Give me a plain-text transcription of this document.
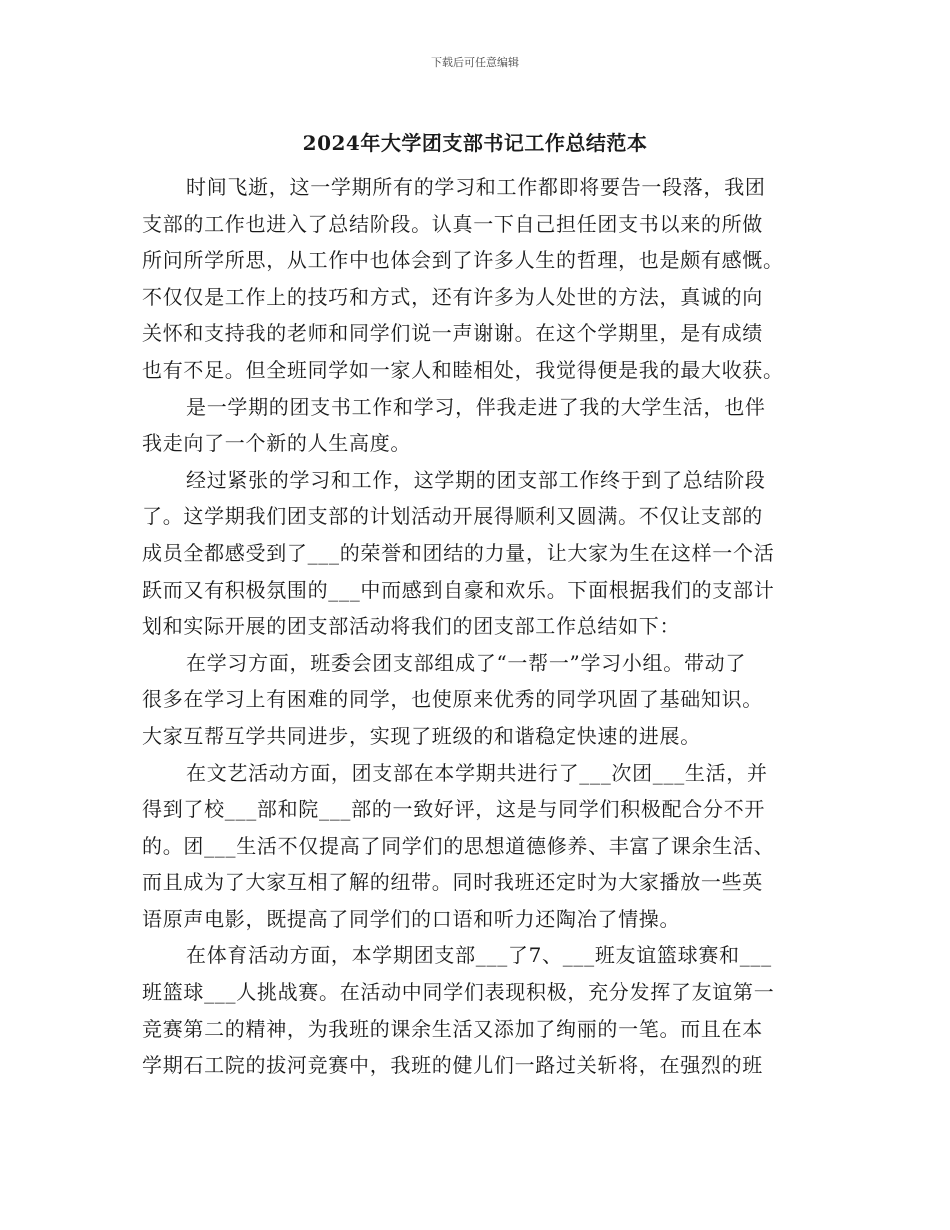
下载后可任意编辑
2024年大学团支部书记工作总结范本
时间飞逝，这一学期所有的学习和工作都即将要告一段落，我团
支部的工作也进入了总结阶段。认真一下自己担任团支书以来的所做
所问所学所思，从工作中也体会到了许多人生的哲理，也是颇有感慨。
不仅仅是工作上的技巧和方式，还有许多为人处世的方法，真诚的向
关怀和支持我的老师和同学们说一声谢谢。在这个学期里，是有成绩
也有不足。但全班同学如一家人和睦相处，我觉得便是我的最大收获。
是一学期的团支书工作和学习，伴我走进了我的大学生活，也伴
我走向了一个新的人生高度。
经过紧张的学习和工作，这学期的团支部工作终于到了总结阶段
了。这学期我们团支部的计划活动开展得顺利又圆满。不仅让支部的
成员全都感受到了___的荣誉和团结的力量，让大家为生在这样一个活
跃而又有积极氛围的___中而感到自豪和欢乐。下面根据我们的支部计
划和实际开展的团支部活动将我们的团支部工作总结如下：
在学习方面，班委会团支部组成了“一帮一”学习小组。带动了
很多在学习上有困难的同学，也使原来优秀的同学巩固了基础知识。
大家互帮互学共同进步，实现了班级的和谐稳定快速的进展。
在文艺活动方面，团支部在本学期共进行了___次团___生活，并
得到了校___部和院___部的一致好评，这是与同学们积极配合分不开
的。团___生活不仅提高了同学们的思想道德修养、丰富了课余生活、
而且成为了大家互相了解的纽带。同时我班还定时为大家播放一些英
语原声电影，既提高了同学们的口语和听力还陶冶了情操。
在体育活动方面，本学期团支部___了7、___班友谊篮球赛和___
班篮球___人挑战赛。在活动中同学们表现积极，充分发挥了友谊第一
竞赛第二的精神，为我班的课余生活又添加了绚丽的一笔。而且在本
学期石工院的拔河竞赛中，我班的健儿们一路过关斩将，在强烈的班
